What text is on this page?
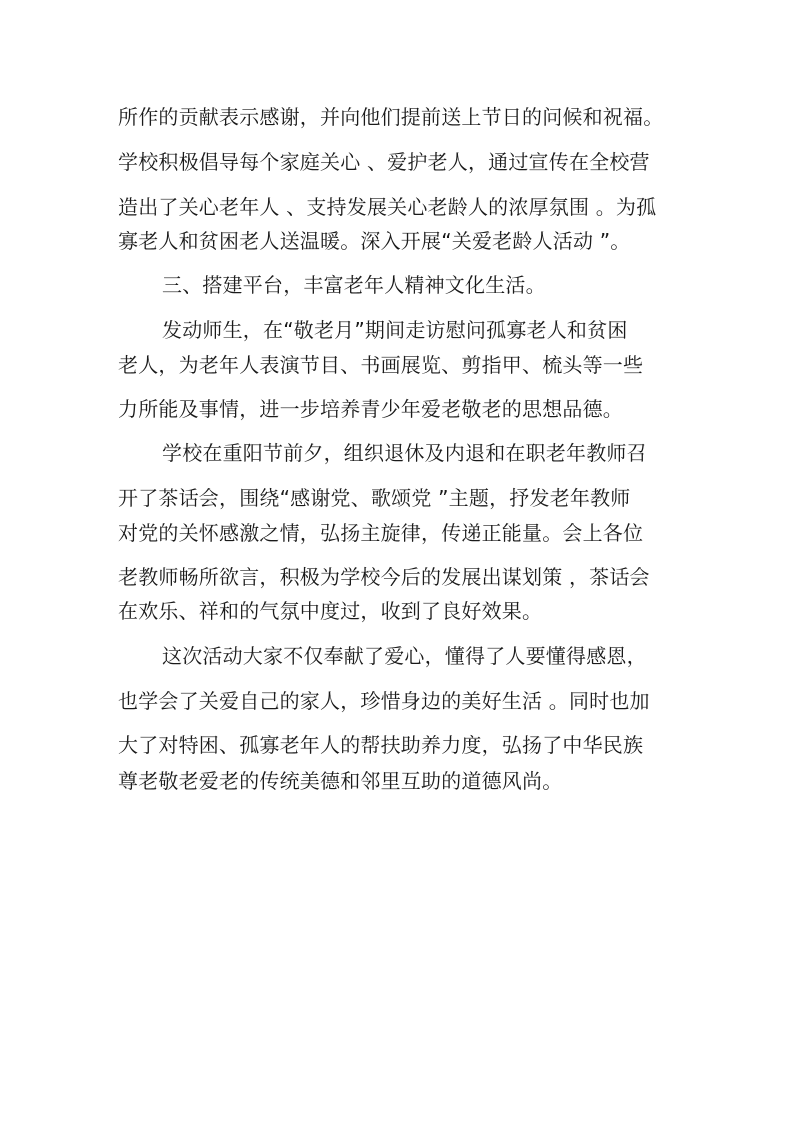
所作的贡献表示感谢，并向他们提前送上节日的问候和祝福。
学校积极倡导每个家庭关心 、爱护老人，通过宣传在全校营
造出了关心老年人 、支持发展关心老龄人的浓厚氛围 。为孤
寡老人和贫困老人送温暖。深入开展“关爱老龄人活动 ”。
三、搭建平台，丰富老年人精神文化生活。
发动师生，在“敬老月”期间走访慰问孤寡老人和贫困
老人，为老年人表演节目、书画展览、剪指甲、梳头等一些
力所能及事情，进一步培养青少年爱老敬老的思想品德。
学校在重阳节前夕，组织退休及内退和在职老年教师召
开了茶话会，围绕“感谢党、歌颂党 ”主题，抒发老年教师
对党的关怀感激之情，弘扬主旋律，传递正能量。会上各位
老教师畅所欲言，积极为学校今后的发展出谋划策 ，茶话会
在欢乐、祥和的气氛中度过，收到了良好效果。
这次活动大家不仅奉献了爱心，懂得了人要懂得感恩，
也学会了关爱自己的家人，珍惜身边的美好生活 。同时也加
大了对特困、孤寡老年人的帮扶助养力度，弘扬了中华民族
尊老敬老爱老的传统美德和邻里互助的道德风尚。
